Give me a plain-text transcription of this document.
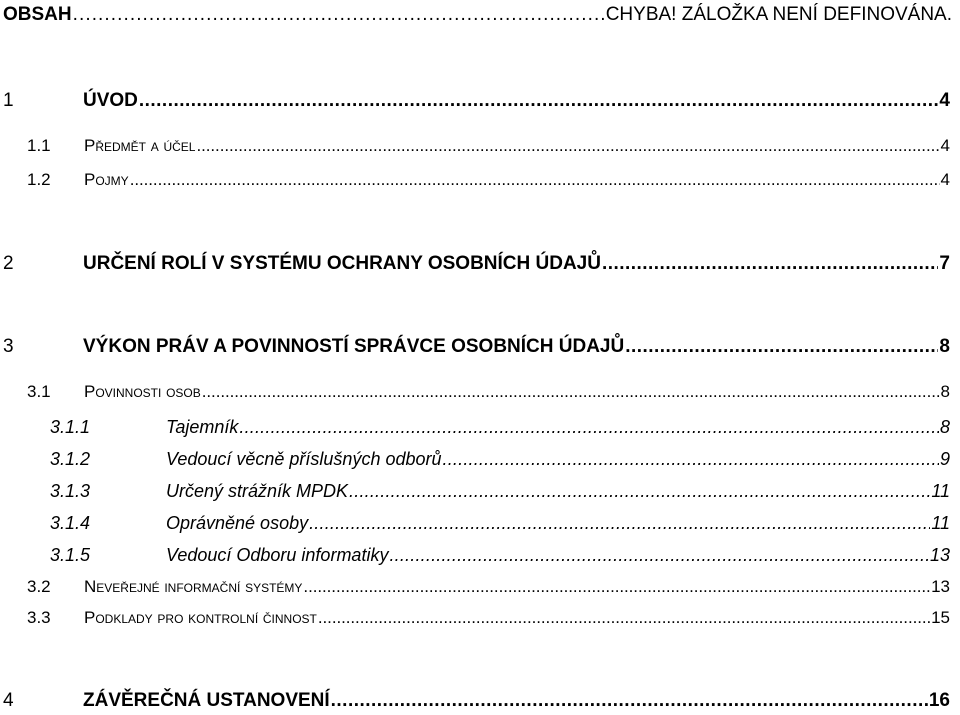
OBSAH . . .	CHYBA! ZÁLOŽKA NENÍ DEFINOVÁNA.
1	ÚVOD . . .	4
1.1	Předmět a účel . . .	4
1.2	Pojmy . . .	4
2	URČENÍ ROLÍ V SYSTÉMU OCHRANY OSOBNÍCH ÚDAJŮ . . .	7
3	VÝKON PRÁV A POVINNOSTÍ SPRÁVCE OSOBNÍCH ÚDAJŮ . . .	8
3.1	Povinnosti osob . . .	8
3.1.1	Tajemník . . .	8
3.1.2	Vedoucí věcně příslušných odborů . . .	9
3.1.3	Určený strážník MPDK . . .	11
3.1.4	Oprávněné osoby . . .	11
3.1.5	Vedoucí Odboru informatiky . . .	13
3.2	Neveřejné informační systémy . . .	13
3.3	Podklady pro kontrolní činnost . . .	15
4	ZÁVĚREČNÁ USTANOVENÍ . . .	16
